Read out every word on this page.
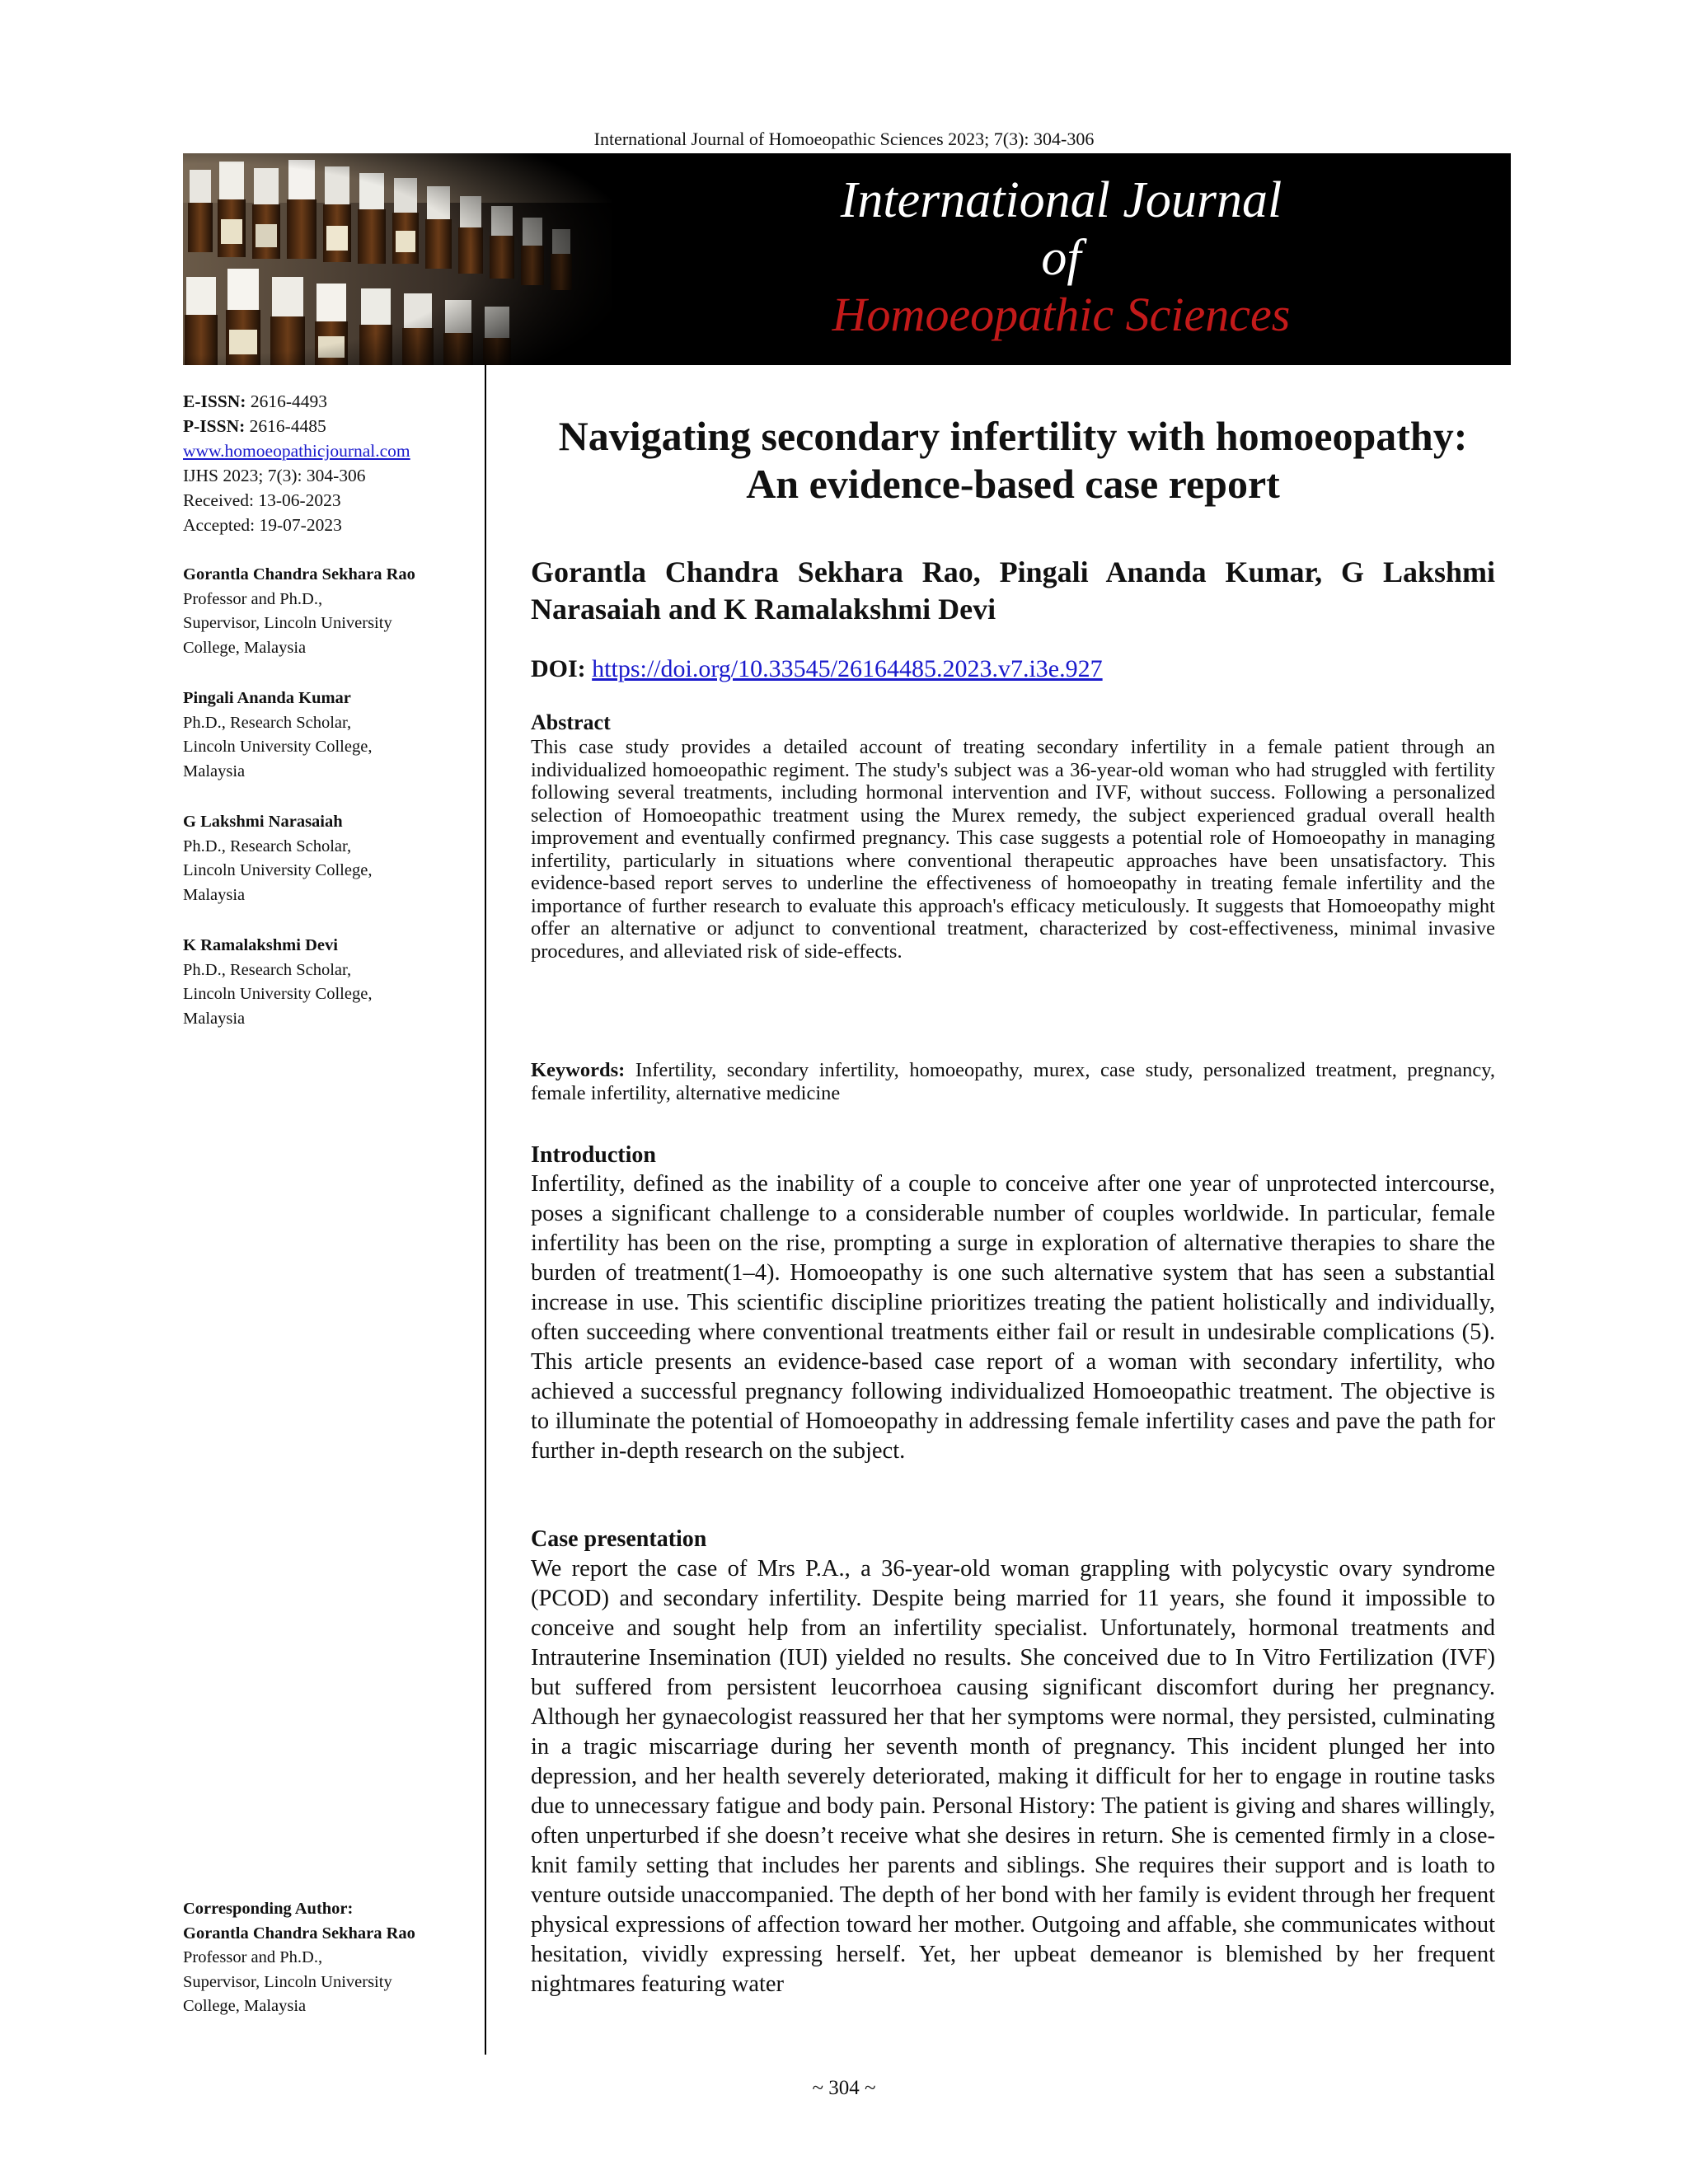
International Journal of Homoeopathic Sciences 2023; 7(3): 304-306
International Journal
of
Homoeopathic Sciences
E-ISSN: 2616-4493
P-ISSN: 2616-4485
www.homoeopathicjournal.com
IJHS 2023; 7(3): 304-306
Received: 13-06-2023
Accepted: 19-07-2023
Gorantla Chandra Sekhara Rao
Professor and Ph.D.,
Supervisor, Lincoln University
College, Malaysia
Pingali Ananda Kumar
Ph.D., Research Scholar,
Lincoln University College,
Malaysia
G Lakshmi Narasaiah
Ph.D., Research Scholar,
Lincoln University College,
Malaysia
K Ramalakshmi Devi
Ph.D., Research Scholar,
Lincoln University College,
Malaysia
Corresponding Author:
Gorantla Chandra Sekhara Rao
Professor and Ph.D.,
Supervisor, Lincoln University
College, Malaysia
Navigating secondary infertility with homoeopathy:
An evidence-based case report
Gorantla Chandra Sekhara Rao, Pingali Ananda Kumar, G Lakshmi Narasaiah and K Ramalakshmi Devi
DOI: https://doi.org/10.33545/26164485.2023.v7.i3e.927
Abstract
This case study provides a detailed account of treating secondary infertility in a female patient through an individualized homoeopathic regiment. The study's subject was a 36-year-old woman who had struggled with fertility following several treatments, including hormonal intervention and IVF, without success. Following a personalized selection of Homoeopathic treatment using the Murex remedy, the subject experienced gradual overall health improvement and eventually confirmed pregnancy. This case suggests a potential role of Homoeopathy in managing infertility, particularly in situations where conventional therapeutic approaches have been unsatisfactory. This evidence-based report serves to underline the effectiveness of homoeopathy in treating female infertility and the importance of further research to evaluate this approach's efficacy meticulously. It suggests that Homoeopathy might offer an alternative or adjunct to conventional treatment, characterized by cost-effectiveness, minimal invasive procedures, and alleviated risk of side-effects.
Keywords: Infertility, secondary infertility, homoeopathy, murex, case study, personalized treatment, pregnancy, female infertility, alternative medicine
Introduction
Infertility, defined as the inability of a couple to conceive after one year of unprotected intercourse, poses a significant challenge to a considerable number of couples worldwide. In particular, female infertility has been on the rise, prompting a surge in exploration of alternative therapies to share the burden of treatment(1–4). Homoeopathy is one such alternative system that has seen a substantial increase in use. This scientific discipline prioritizes treating the patient holistically and individually, often succeeding where conventional treatments either fail or result in undesirable complications (5). This article presents an evidence-based case report of a woman with secondary infertility, who achieved a successful pregnancy following individualized Homoeopathic treatment. The objective is to illuminate the potential of Homoeopathy in addressing female infertility cases and pave the path for further in-depth research on the subject.
Case presentation
We report the case of Mrs P.A., a 36-year-old woman grappling with polycystic ovary syndrome (PCOD) and secondary infertility. Despite being married for 11 years, she found it impossible to conceive and sought help from an infertility specialist. Unfortunately, hormonal treatments and Intrauterine Insemination (IUI) yielded no results. She conceived due to In Vitro Fertilization (IVF) but suffered from persistent leucorrhoea causing significant discomfort during her pregnancy. Although her gynaecologist reassured her that her symptoms were normal, they persisted, culminating in a tragic miscarriage during her seventh month of pregnancy. This incident plunged her into depression, and her health severely deteriorated, making it difficult for her to engage in routine tasks due to unnecessary fatigue and body pain. Personal History: The patient is giving and shares willingly, often unperturbed if she doesn’t receive what she desires in return. She is cemented firmly in a close-knit family setting that includes her parents and siblings. She requires their support and is loath to venture outside unaccompanied. The depth of her bond with her family is evident through her frequent physical expressions of affection toward her mother. Outgoing and affable, she communicates without hesitation, vividly expressing herself. Yet, her upbeat demeanor is blemished by her frequent nightmares featuring water
~ 304 ~
